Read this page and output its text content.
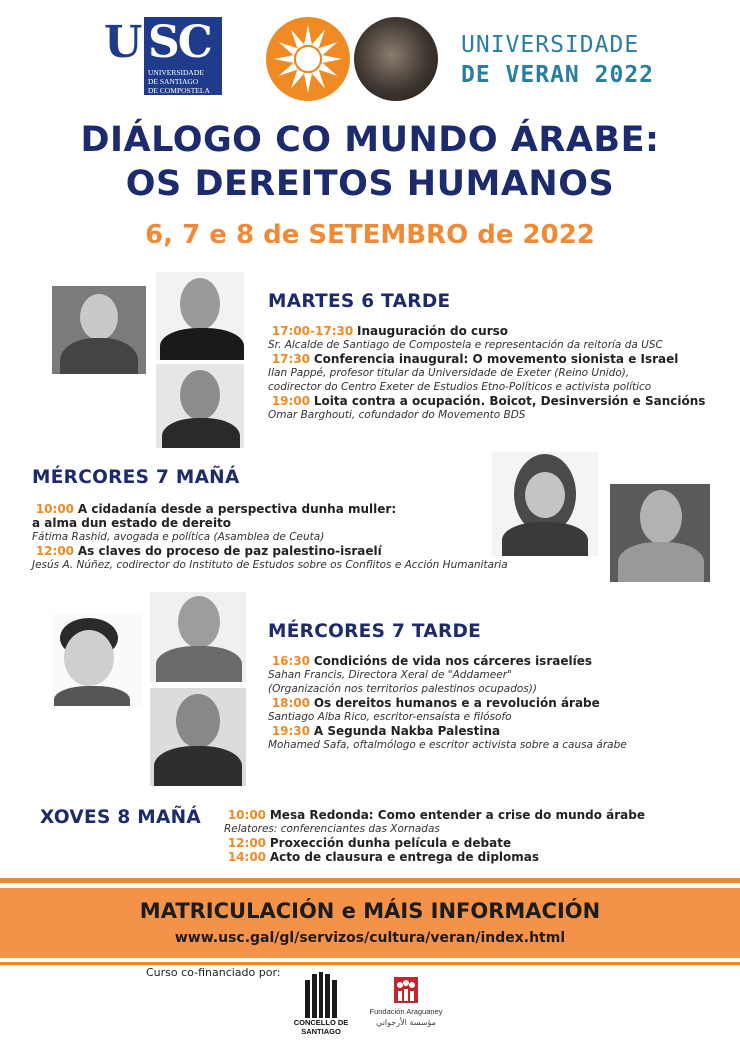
U SC
UNIVERSIDADE
DE SANTIAGO
DE COMPOSTELA
UNIVERSIDADE
DE VERAN 2022
DIÁLOGO CO MUNDO ÁRABE:
OS DEREITOS HUMANOS
6, 7 e 8 de SETEMBRO de 2022
MARTES 6 TARDE
17:00-17:30 Inauguración do curso
Sr. Alcalde de Santiago de Compostela e representación da reitoría da USC
17:30 Conferencia inaugural: O movemento sionista e Israel
Ilan Pappé, profesor titular da Universidade de Exeter (Reino Unido),
codirector do Centro Exeter de Estudios Etno-Políticos e activista político
19:00 Loita contra a ocupación. Boicot, Desinversión e Sancións
Omar Barghouti, cofundador do Movemento BDS
MÉRCORES 7 MAÑÁ
10:00 A cidadanía desde a perspectiva dunha muller:
a alma dun estado de dereito
Fátima Rashid, avogada e política (Asamblea de Ceuta)
12:00 As claves do proceso de paz palestino-israelí
Jesús A. Núñez, codirector do Instituto de Estudos sobre os Conflitos e Acción Humanitaria
MÉRCORES 7 TARDE
16:30 Condicións de vida nos cárceres israelíes
Sahan Francis, Directora Xeral de "Addameer"
(Organización nos territorios palestinos ocupados))
18:00 Os dereitos humanos e a revolución árabe
Santiago Alba Rico, escritor-ensaísta e filósofo
19:30 A Segunda Nakba Palestina
Mohamed Safa, oftalmólogo e escritor activista sobre a causa árabe
XOVES 8 MAÑÁ	10:00 Mesa Redonda: Como entender a crise do mundo árabe
Relatores: conferenciantes das Xornadas
12:00 Proxección dunha película e debate
14:00 Acto de clausura e entrega de diplomas
MATRICULACIÓN e MÁIS INFORMACIÓN
www.usc.gal/gl/servizos/cultura/veran/index.html
Curso co-financiado por:
CONCELLO DE
SANTIAGO
Fundación Araguaney
مؤسسة الأرجواني
